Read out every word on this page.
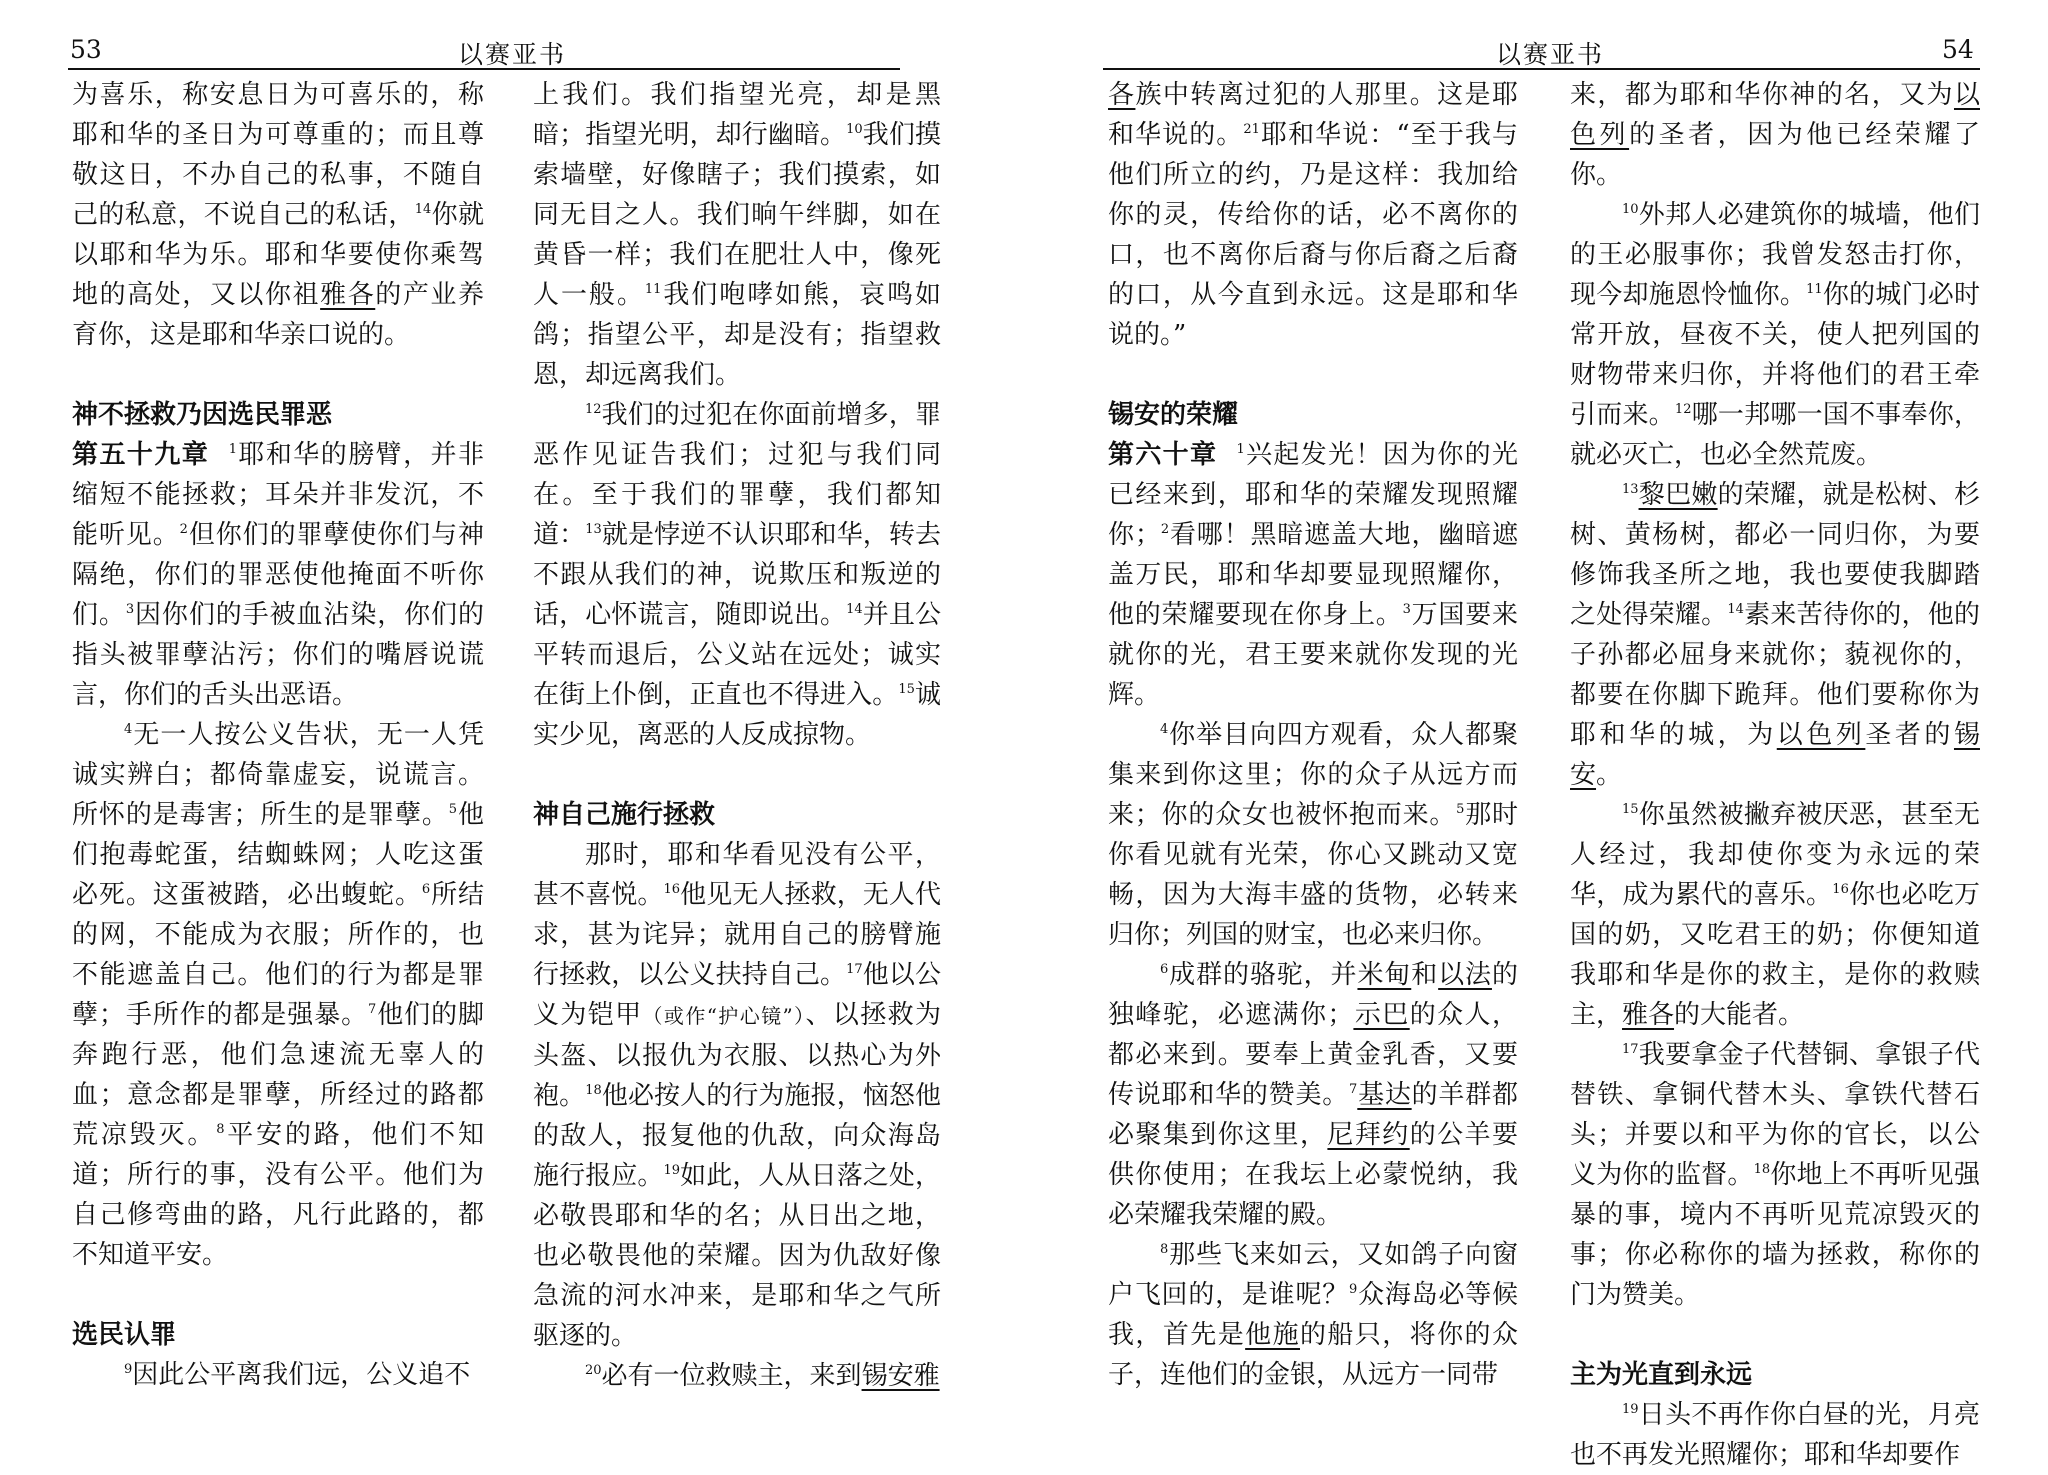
53	以赛亚书

为喜乐，称安息日为可喜乐的，称耶和华的圣日为可尊重的；而且尊敬这日，不办自己的私事，不随自己的私意，不说自己的私话，$^{14}$你就以耶和华为乐。耶和华要使你乘驾地的高处，又以你祖雅各的产业养育你，这是耶和华亲口说的。

神不拯救乃因选民罪恶

第五十九章 $^1$耶和华的膀臂，并非缩短不能拯救；耳朵并非发沉，不能听见。$^2$但你们的罪孽使你们与神隔绝，你们的罪恶使他掩面不听你们。$^3$因你们的手被血沾染，你们的指头被罪孽沾污；你们的嘴唇说谎言，你们的舌头出恶语。

$^4$无一人按公义告状，无一人凭诚实辨白；都倚靠虚妄，说谎言。所怀的是毒害；所生的是罪孽。$^5$他们抱毒蛇蛋，结蜘蛛网；人吃这蛋必死。这蛋被踏，必出蝮蛇。$^6$所结的网，不能成为衣服；所作的，也不能遮盖自己。他们的行为都是罪孽；手所作的都是强暴。$^7$他们的脚奔跑行恶，他们急速流无辜人的血；意念都是罪孽，所经过的路都荒凉毁灭。$^8$平安的路，他们不知道；所行的事，没有公平。他们为自己修弯曲的路，凡行此路的，都不知道平安。

选民认罪

$^9$因此公平离我们远，公义追不

上我们。我们指望光亮，却是黑暗；指望光明，却行幽暗。$^{10}$我们摸索墙壁，好像瞎子；我们摸索，如同无目之人。我们晌午绊脚，如在黄昏一样；我们在肥壮人中，像死人一般。$^{11}$我们咆哮如熊，哀鸣如鸽；指望公平，却是没有；指望救恩，却远离我们。

$^{12}$我们的过犯在你面前增多，罪恶作见证告我们；过犯与我们同在。至于我们的罪孽，我们都知道：$^{13}$就是悖逆不认识耶和华，转去不跟从我们的神，说欺压和叛逆的话，心怀谎言，随即说出。$^{14}$并且公平转而退后，公义站在远处；诚实在街上仆倒，正直也不得进入。$^{15}$诚实少见，离恶的人反成掠物。

神自己施行拯救

那时，耶和华看见没有公平，甚不喜悦。$^{16}$他见无人拯救，无人代求，甚为诧异；就用自己的膀臂施行拯救，以公义扶持自己。$^{17}$他以公义为铠甲（或作“护心镜”）、以拯救为头盔、以报仇为衣服、以热心为外袍。$^{18}$他必按人的行为施报，恼怒他的敌人，报复他的仇敌，向众海岛施行报应。$^{19}$如此，人从日落之处，必敬畏耶和华的名；从日出之地，也必敬畏他的荣耀。因为仇敌好像急流的河水冲来，是耶和华之气所驱逐的。

$^{20}$必有一位救赎主，来到锡安雅

以赛亚书	54

各族中转离过犯的人那里。这是耶和华说的。$^{21}$耶和华说：“至于我与他们所立的约，乃是这样：我加给你的灵，传给你的话，必不离你的口，也不离你后裔与你后裔之后裔的口，从今直到永远。这是耶和华说的。”

锡安的荣耀

第六十章 $^1$兴起发光！因为你的光已经来到，耶和华的荣耀发现照耀你；$^2$看哪！黑暗遮盖大地，幽暗遮盖万民，耶和华却要显现照耀你，他的荣耀要现在你身上。$^3$万国要来就你的光，君王要来就你发现的光辉。

$^4$你举目向四方观看，众人都聚集来到你这里；你的众子从远方而来；你的众女也被怀抱而来。$^5$那时你看见就有光荣，你心又跳动又宽畅，因为大海丰盛的货物，必转来归你；列国的财宝，也必来归你。

$^6$成群的骆驼，并米甸和以法的独峰驼，必遮满你；示巴的众人，都必来到。要奉上黄金乳香，又要传说耶和华的赞美。$^7$基达的羊群都必聚集到你这里，尼拜约的公羊要供你使用；在我坛上必蒙悦纳，我必荣耀我荣耀的殿。

$^8$那些飞来如云，又如鸽子向窗户飞回的，是谁呢？$^9$众海岛必等候我，首先是他施的船只，将你的众子，连他们的金银，从远方一同带

来，都为耶和华你神的名，又为以色列的圣者，因为他已经荣耀了你。

$^{10}$外邦人必建筑你的城墙，他们的王必服事你；我曾发怒击打你，现今却施恩怜恤你。$^{11}$你的城门必时常开放，昼夜不关，使人把列国的财物带来归你，并将他们的君王牵引而来。$^{12}$哪一邦哪一国不事奉你，就必灭亡，也必全然荒废。

$^{13}$黎巴嫩的荣耀，就是松树、杉树、黄杨树，都必一同归你，为要修饰我圣所之地，我也要使我脚踏之处得荣耀。$^{14}$素来苦待你的，他的子孙都必屈身来就你；藐视你的，都要在你脚下跪拜。他们要称你为耶和华的城，为以色列圣者的锡安。

$^{15}$你虽然被撇弃被厌恶，甚至无人经过，我却使你变为永远的荣华，成为累代的喜乐。$^{16}$你也必吃万国的奶，又吃君王的奶；你便知道我耶和华是你的救主，是你的救赎主，雅各的大能者。

$^{17}$我要拿金子代替铜、拿银子代替铁、拿铜代替木头、拿铁代替石头；并要以和平为你的官长，以公义为你的监督。$^{18}$你地上不再听见强暴的事，境内不再听见荒凉毁灭的事；你必称你的墙为拯救，称你的门为赞美。

主为光直到永远

$^{19}$日头不再作你白昼的光，月亮也不再发光照耀你；耶和华却要作
